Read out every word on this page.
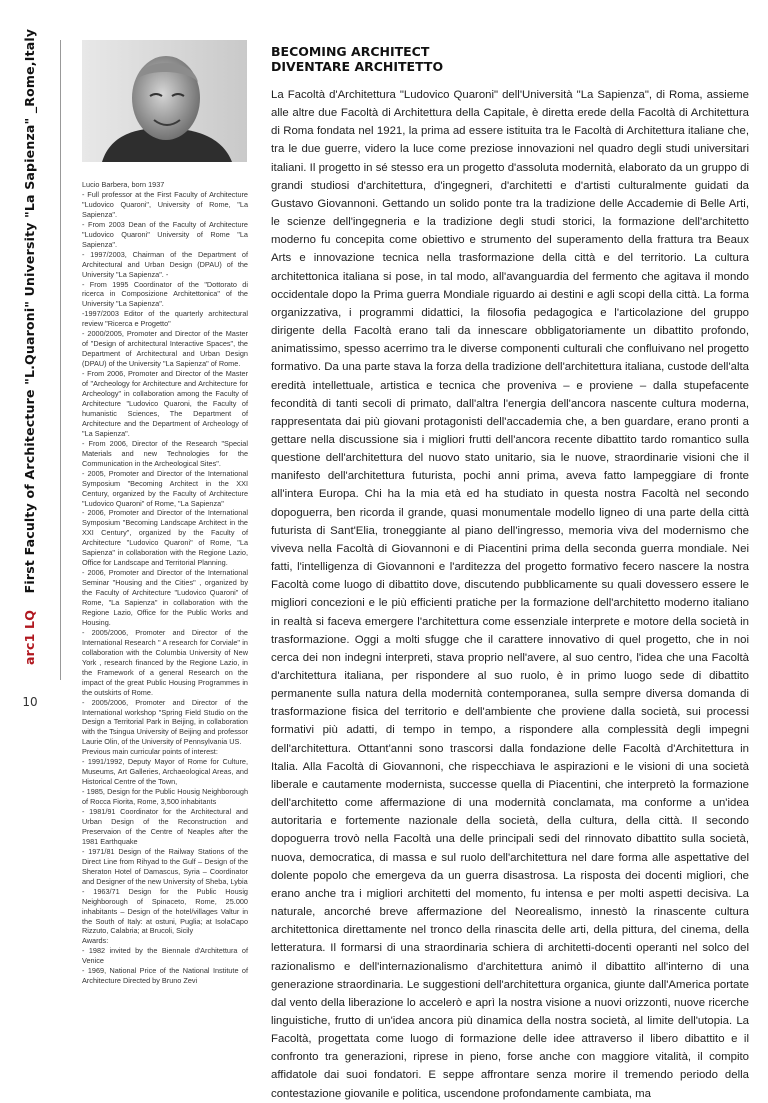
arc1 LQ First Faculty of Architecture "L.Quaroni" University "La Sapienza" _Rome,Italy
10
Lucio Barbera, born 1937
- Full professor at the First Faculty of Architecture "Ludovico Quaroni", University of Rome, "La Sapienza".
- From 2003 Dean of the Faculty of Architecture "Ludovico Quaroni" University of Rome "La Sapienza".
- 1997/2003, Chairman of the Department of Architectural and Urban Design (DPAU) of the University "La Sapienza". -
- From 1995 Coordinator of the "Dottorato di ricerca in Composizione Architettonica" of the University "La Sapienza".
-1997/2003 Editor of the quarterly architectural review "Ricerca e Progetto"
- 2000/2005, Promoter and Director of the Master of "Design of architectural Interactive Spaces", the Department of Architectural and Urban Design (DPAU) of the University "La Sapienza" of Rome.
- From 2006, Promoter and Director of the Master of "Archeology for Architecture and Architecture for Archeology" in collaboration among the Faculty of Architecture "Ludovico Quaroni, the Faculty of humanistic Sciences, The Department of Architecture and the Department of Archeology of "La Sapienza".
- From 2006, Director of the Research "Special Materials and new Technologies for the Communication in the Archeological Sites".
- 2005, Promoter and Director of the International Symposium "Becoming Architect in the XXI Century, organized by the Faculty of Architecture "Ludovico Quaroni" of Rome, "La Sapienza"
- 2006, Promoter and Director of the International Symposium "Becoming Landscape Architect in the XXI Century", organized by the Faculty of Architecture "Ludovico Quaroni" of Rome, "La Sapienza" in collaboration with the Regione Lazio, Office for Landscape and Territorial Planning.
- 2006, Promoter and Director of the International Seminar "Housing and the Cities" , organized by the Faculty of Architecture "Ludovico Quaroni" of Rome, "La Sapienza" in collaboration with the Regione Lazio, Office for the Public Works and Housing.
- 2005/2006, Promoter and Director of the International Research " A research for Corviale" in collaboration with the Columbia University of New York , research financed by the Regione Lazio, in the Framework of a general Research on the impact of the great Public Housing Programmes in the outskirts of Rome.
- 2005/2006, Promoter and Director of the International workshop "Spring Field Studio on the Design a Territorial Park in Beijing, in collaboration with the Tsingua University of Beijing and professor Laurie Olin, of the University of Pennsylvania US.
Previous main curricular points of interest:
- 1991/1992, Deputy Mayor of Rome for Culture, Museums, Art Galleries, Archaeological Areas, and Historical Centre of the Town,
- 1985, Design for the Public Housig Neighborough of Rocca Fiorita, Rome, 3,500 inhabitants
- 1981/91 Coordinator for the Architectural and Urban Design of the Reconstruction and Preservaion of the Centre of Neaples after the 1981 Earthquake
- 1971/81 Design of the Railway Stations of the Direct Line from Rihyad to the Gulf – Design of the Sheraton Hotel of Damascus, Syria – Coordinator and Designer of the new University of Sheba, Lybia
- 1963/71 Design for the Public Housig Neighborough of Spinaceto, Rome, 25.000 inhabitants – Design of the hotel/villages Valtur in the South of Italy: at ostuni, Puglia; at IsolaCapo Rizzuto, Calabria; at Brucoli, Sicily
Awards:
- 1982 invited by the Biennale d'Architettura of Venice
- 1969, National Price of the National Institute of Architecture Directed by Bruno Zevi
BECOMING ARCHITECT
DIVENTARE ARCHITETTO

La Facoltà d'Architettura "Ludovico Quaroni" dell'Università "La Sapienza", di Roma, assieme alle altre due Facoltà di Architettura della Capitale, è diretta erede della Facoltà di Architettura di Roma fondata nel 1921, la prima ad essere istituita tra le Facoltà di Architettura italiane che, tra le due guerre, videro la luce come preziose innovazioni nel quadro degli studi universitari italiani. Il progetto in sé stesso era un progetto d'assoluta modernità, elaborato da un gruppo di grandi studiosi d'architettura, d'ingegneri, d'architetti e d'artisti culturalmente guidati da Gustavo Giovannoni. Gettando un solido ponte tra la tradizione delle Accademie di Belle Arti, le scienze dell'ingegneria e la tradizione degli studi storici, la formazione dell'architetto moderno fu concepita come obiettivo e strumento del superamento della frattura tra Beaux Arts e innovazione tecnica nella trasformazione della città e del territorio. La cultura architettonica italiana si pose, in tal modo, all'avanguardia del fermento che agitava il mondo occidentale dopo la Prima guerra Mondiale riguardo ai destini e agli scopi della città. La forma organizzativa, i programmi didattici, la filosofia pedagogica e l'articolazione del gruppo dirigente della Facoltà erano tali da innescare obbligatoriamente un dibattito profondo, animatissimo, spesso acerrimo tra le diverse componenti culturali che confluivano nel progetto formativo. Da una parte stava la forza della tradizione dell'architettura italiana, custode dell'alta eredità intellettuale, artistica e tecnica che proveniva – e proviene – dalla stupefacente fecondità di tanti secoli di primato, dall'altra l'energia dell'ancora nascente cultura moderna, rappresentata dai più giovani protagonisti dell'accademia che, a ben guardare, erano pronti a gettare nella discussione sia i migliori frutti dell'ancora recente dibattito tardo romantico sulla questione dell'architettura del nuovo stato unitario, sia le nuove, straordinarie visioni che il manifesto dell'architettura futurista, pochi anni prima, aveva fatto lampeggiare di fronte all'intera Europa. Chi ha la mia età ed ha studiato in questa nostra Facoltà nel secondo dopoguerra, ben ricorda il grande, quasi monumentale modello ligneo di una parte della città futurista di Sant'Elia, troneggiante al piano dell'ingresso, memoria viva del modernismo che viveva nella Facoltà di Giovannoni e di Piacentini prima della seconda guerra mondiale. Nei fatti, l'intelligenza di Giovannoni e l'arditezza del progetto formativo fecero nascere la nostra Facoltà come luogo di dibattito dove, discutendo pubblicamente su quali dovessero essere le migliori concezioni e le più efficienti pratiche per la formazione dell'architetto moderno italiano in realtà si faceva emergere l'architettura come essenziale interprete e motore della società in trasformazione. Oggi a molti sfugge che il carattere innovativo di quel progetto, che in noi cerca dei non indegni interpreti, stava proprio nell'avere, al suo centro, l'idea che una Facoltà d'architettura italiana, per rispondere al suo ruolo, è in primo luogo sede di dibattito permanente sulla natura della modernità contemporanea, sulla sempre diversa domanda di trasformazione fisica del territorio e dell'ambiente che proviene dalla società, sui processi formativi più adatti, di tempo in tempo, a rispondere alla complessità degli impegni dell'architettura. Ottant'anni sono trascorsi dalla fondazione delle Facoltà d'Architettura in Italia. Alla Facoltà di Giovannoni, che rispecchiava le aspirazioni e le visioni di una società liberale e cautamente modernista, successe quella di Piacentini, che interpretò la formazione dell'architetto come affermazione di una modernità conclamata, ma conforme a un'idea autoritaria e fortemente nazionale della società, della cultura, della città. Il secondo dopoguerra trovò nella Facoltà una delle principali sedi del rinnovato dibattito sulla società, nuova, democratica, di massa e sul ruolo dell'architettura nel dare forma alle aspettative del dolente popolo che emergeva da un guerra disastrosa. La risposta dei docenti migliori, che erano anche tra i migliori architetti del momento, fu intensa e per molti aspetti decisiva. La naturale, ancorché breve affermazione del Neorealismo, innestò la rinascente cultura architettonica direttamente nel tronco della rinascita delle arti, della pittura, del cinema, della letteratura. Il formarsi di una straordinaria schiera di architetti-docenti operanti nel solco del razionalismo e dell'internazionalismo d'architettura animò il dibattito all'interno di una generazione straordinaria. Le suggestioni dell'architettura organica, giunte dall'America portate dal vento della liberazione lo accelerò e aprì la nostra visione a nuovi orizzonti, nuove ricerche linguistiche, frutto di un'idea ancora più dinamica della nostra società, al limite dell'utopia. La Facoltà, progettata come luogo di formazione delle idee attraverso il libero dibattito e il confronto tra generazioni, riprese in pieno, forse anche con maggiore vitalità, il compito affidatole dai suoi fondatori. E seppe affrontare senza morire il tremendo periodo della contestazione giovanile e politica, uscendone profondamente cambiata, ma
